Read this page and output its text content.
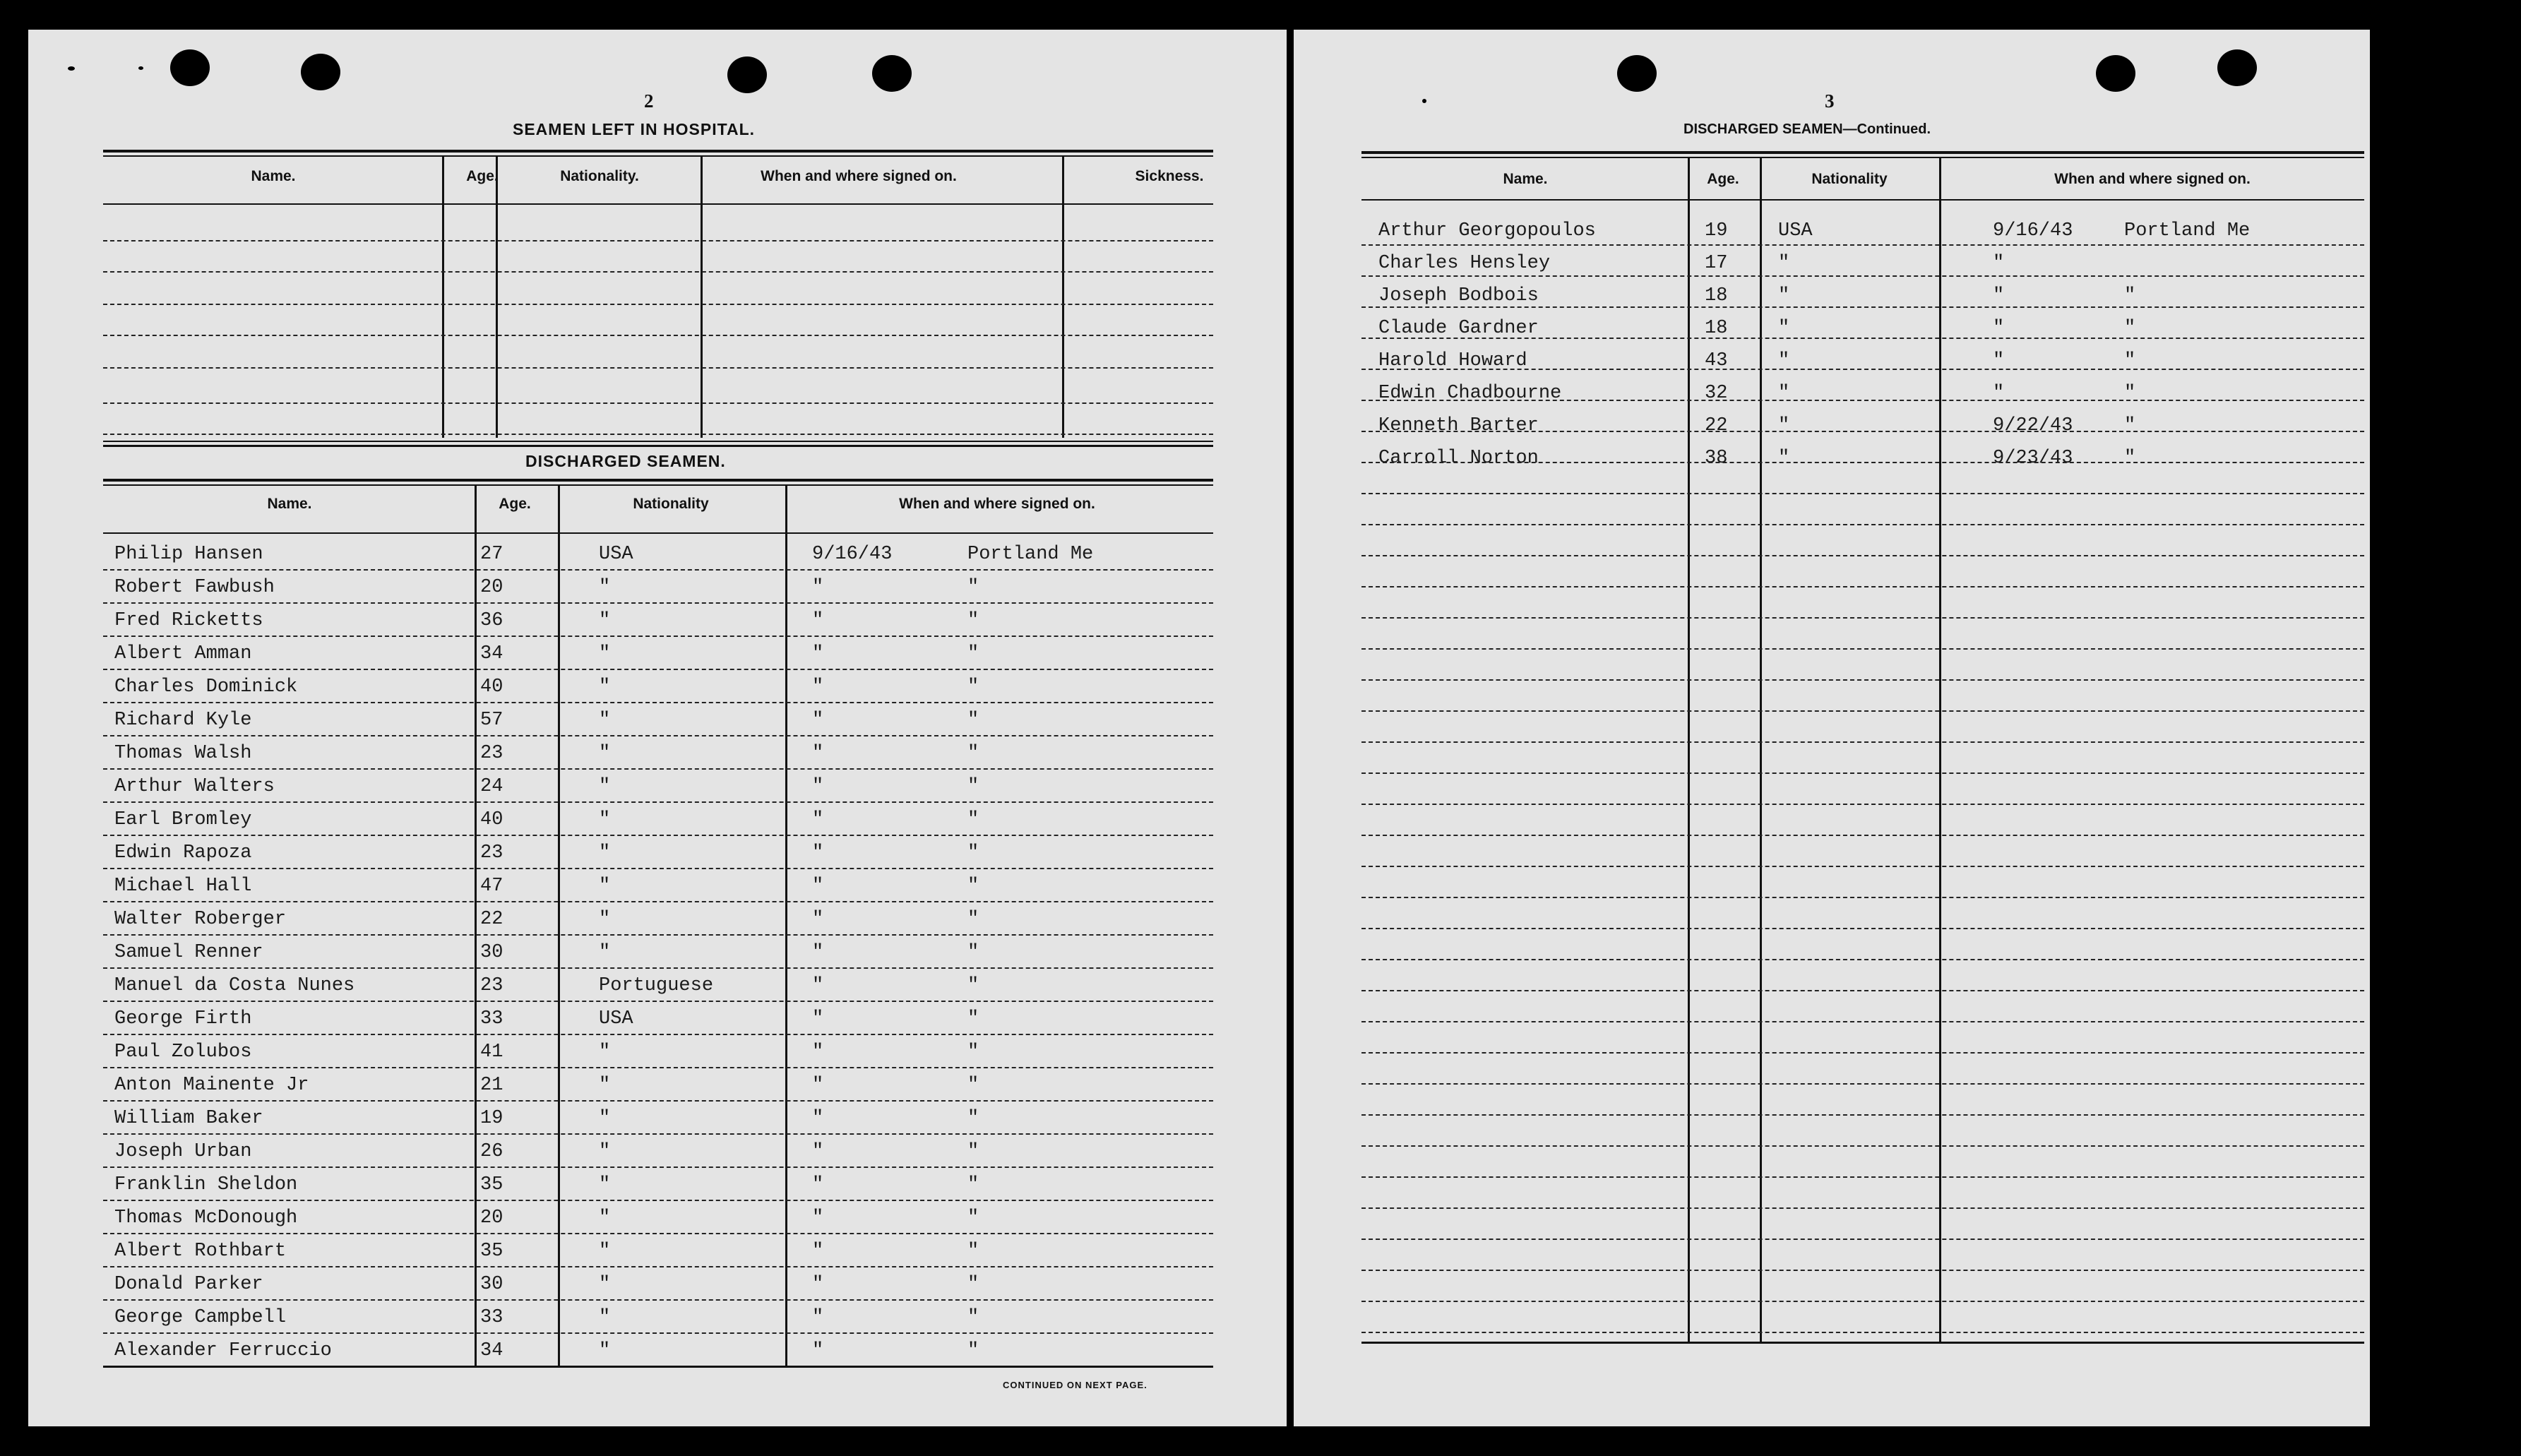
2
SEAMEN LEFT IN HOSPITAL.
Name.	Age.	Nationality.	When and where signed on.	Sickness.
DISCHARGED SEAMEN.
Name.	Age.	Nationality	When and where signed on.
Philip Hansen	27	USA	9/16/43	Portland Me
Robert Fawbush	20	"	"	"
Fred Ricketts	36	"	"	"
Albert Amman	34	"	"	"
Charles Dominick	40	"	"	"
Richard Kyle	57	"	"	"
Thomas Walsh	23	"	"	"
Arthur Walters	24	"	"	"
Earl Bromley	40	"	"	"
Edwin Rapoza	23	"	"	"
Michael Hall	47	"	"	"
Walter Roberger	22	"	"	"
Samuel Renner	30	"	"	"
Manuel da Costa Nunes	23	Portuguese	"	"
George Firth	33	USA	"	"
Paul Zolubos	41	"	"	"
Anton Mainente Jr	21	"	"	"
William Baker	19	"	"	"
Joseph Urban	26	"	"	"
Franklin Sheldon	35	"	"	"
Thomas McDonough	20	"	"	"
Albert Rothbart	35	"	"	"
Donald Parker	30	"	"	"
George Campbell	33	"	"	"
Alexander Ferruccio	34	"	"	"
CONTINUED ON NEXT PAGE.
3
DISCHARGED SEAMEN—Continued.
Name.	Age.	Nationality	When and where signed on.
Arthur Georgopoulos	19	USA	9/16/43	Portland Me
Charles Hensley	17	"	"
Joseph Bodbois	18	"	"	"
Claude Gardner	18	"	"	"
Harold Howard	43	"	"	"
Edwin Chadbourne	32	"	"	"
Kenneth Barter	22	"	9/22/43	"
Carroll Norton	38	"	9/23/43	"
